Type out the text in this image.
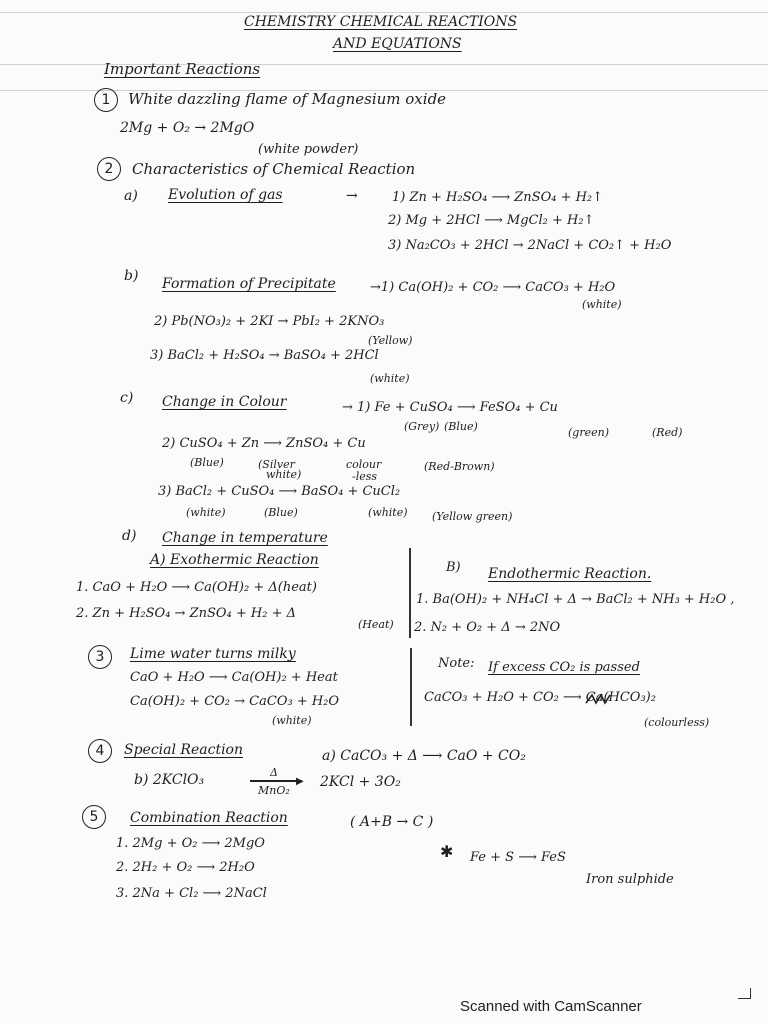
CHEMISTRY CHEMICAL REACTIONS
AND EQUATIONS
Important Reactions
1	White dazzling flame of Magnesium oxide
2Mg + O₂ → 2MgO
(white powder)
2	Characteristics of Chemical Reaction
a) Evolution of gas	→	1) Zn + H₂SO₄ ⟶ ZnSO₄ + H₂↑
2) Mg + 2HCl ⟶ MgCl₂ + H₂↑
3) Na₂CO₃ + 2HCl → 2NaCl + CO₂↑ + H₂O
b) Formation of Precipitate	→1) Ca(OH)₂ + CO₂ ⟶ CaCO₃ + H₂O
(white)
2) Pb(NO₃)₂ + 2KI → PbI₂ + 2KNO₃
(Yellow)
3) BaCl₂ + H₂SO₄ → BaSO₄ + 2HCl
(white)
c) Change in Colour	→ 1) Fe + CuSO₄ ⟶ FeSO₄ + Cu
(Grey) (Blue)	(green)	(Red)
2) CuSO₄ + Zn ⟶ ZnSO₄ + Cu
(Blue)	(Silver
white)
colour
-less
(Red-Brown)
3) BaCl₂ + CuSO₄ ⟶ BaSO₄ + CuCl₂
(white)	(Blue)	(white) (Yellow green)
d) Change in temperature
A) Exothermic Reaction
1. CaO + H₂O ⟶ Ca(OH)₂ + Δ(heat)
2. Zn + H₂SO₄ → ZnSO₄ + H₂ + Δ
(Heat)
B) Endothermic Reaction.
1. Ba(OH)₂ + NH₄Cl + Δ → BaCl₂ + NH₃ + H₂O ,
2. N₂ + O₂ + Δ → 2NO
3	Lime water turns milky
CaO + H₂O ⟶ Ca(OH)₂ + Heat
Ca(OH)₂ + CO₂ → CaCO₃ + H₂O
(white)
Note: If excess CO₂ is passed
CaCO₃ + H₂O + CO₂ ⟶ Ca(HCO₃)₂
(colourless)
4	Special Reaction	a) CaCO₃ + Δ ⟶ CaO + CO₂
b) 2KClO₃	Δ
▶
MnO₂
2KCl + 3O₂
5	Combination Reaction	( A+B → C )
1. 2Mg + O₂ ⟶ 2MgO
2. 2H₂ + O₂ ⟶ 2H₂O
3. 2Na + Cl₂ ⟶ 2NaCl
✱ Fe + S ⟶ FeS
Iron sulphide
Scanned with CamScanner
